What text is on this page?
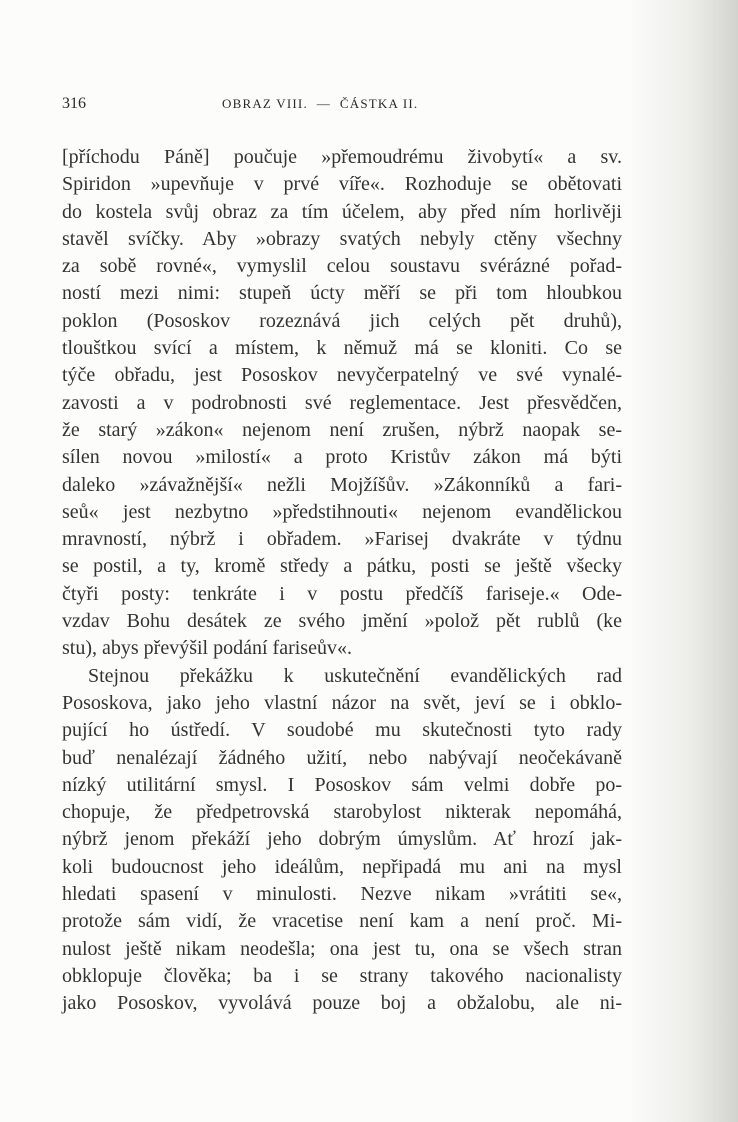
316	OBRAZ VIII.  —  ČÁSTKA II.
[příchodu Páně] poučuje »přemoudrému živobytí« a sv.
Spiridon »upevňuje v prvé víře«. Rozhoduje se obětovati
do kostela svůj obraz za tím účelem, aby před ním horlivěji
stavěl svíčky. Aby »obrazy svatých nebyly ctěny všechny
za sobě rovné«, vymyslil celou soustavu svérázné pořad-
ností mezi nimi: stupeň úcty měří se při tom hloubkou
poklon (Pososkov rozeznává jich celých pět druhů),
tlouštkou svící a místem, k němuž má se kloniti. Co se
týče obřadu, jest Pososkov nevyčerpatelný ve své vynalé-
zavosti a v podrobnosti své reglementace. Jest přesvědčen,
že starý »zákon« nejenom není zrušen, nýbrž naopak se-
sílen novou »milostí« a proto Kristův zákon má býti
daleko »závažnější« nežli Mojžíšův. »Zákonníků a fari-
seů« jest nezbytno »předstihnouti« nejenom evandělickou
mravností, nýbrž i obřadem. »Farisej dvakráte v týdnu
se postil, a ty, kromě středy a pátku, posti se ještě všecky
čtyři posty: tenkráte i v postu předčíš fariseje.« Ode-
vzdav Bohu desátek ze svého jmění »polož pět rublů (ke
stu), abys převýšil podání fariseův«.
Stejnou překážku k uskutečnění evandělických rad
Pososkova, jako jeho vlastní názor na svět, jeví se i obklo-
pující ho ústředí. V soudobé mu skutečnosti tyto rady
buď nenalézají žádného užití, nebo nabývají neočekávaně
nízký utilitární smysl. I Pososkov sám velmi dobře po-
chopuje, že předpetrovská starobylost nikterak nepomáhá,
nýbrž jenom překáží jeho dobrým úmyslům. Ať hrozí jak-
koli budoucnost jeho ideálům, nepřipadá mu ani na mysl
hledati spasení v minulosti. Nezve nikam »vrátiti se«,
protože sám vidí, že vracetise není kam a není proč. Mi-
nulost ještě nikam neodešla; ona jest tu, ona se všech stran
obklopuje člověka; ba i se strany takového nacionalisty
jako Pososkov, vyvolává pouze boj a obžalobu, ale ni-
